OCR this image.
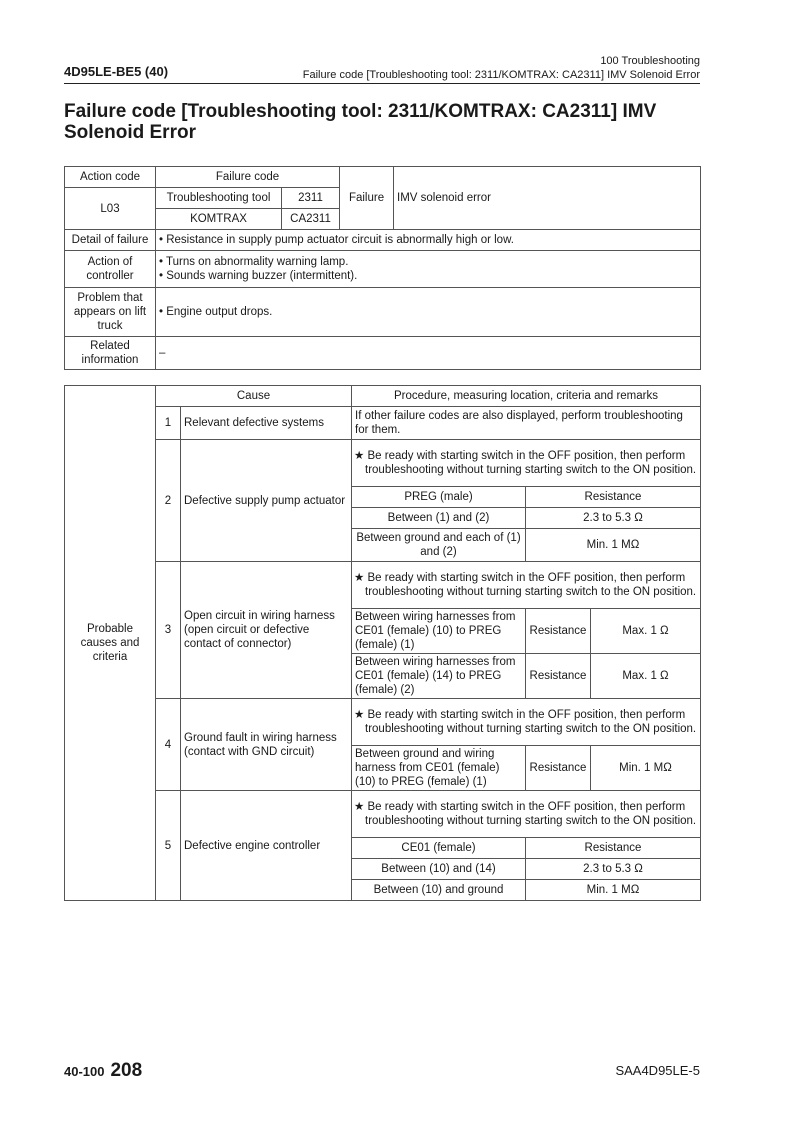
4D95LE-BE5 (40)
100 Troubleshooting
Failure code [Troubleshooting tool: 2311/KOMTRAX: CA2311] IMV Solenoid Error
Failure code [Troubleshooting tool: 2311/KOMTRAX: CA2311] IMV Solenoid Error
Action code	Failure code		Failure	IMV solenoid error
L03	Troubleshooting tool	2311		
	KOMTRAX	CA2311		
Detail of failure	• Resistance in supply pump actuator circuit is abnormally high or low.			
Action of controller	• Turns on abnormality warning lamp.
• Sounds warning buzzer (intermittent).			

Problem that appears on lift truck	• Engine output drops.			
Related information	–			
Probable causes and criteria	Cause		Procedure, measuring location, criteria and remarks		
	1	Relevant defective systems	If other failure codes are also displayed, perform troubleshooting for them.		
	2	Defective supply pump actuator	★ Be ready with starting switch in the OFF position, then perform troubleshooting without turning starting switch to the ON position.		
			PREG (male)	Resistance	
			Between (1) and (2)	2.3 to 5.3 Ω	
			Between ground and each of (1) and (2)	Min. 1 MΩ	
	3	Open circuit in wiring harness (open circuit or defective contact of connector)	★ Be ready with starting switch in the OFF position, then perform troubleshooting without turning starting switch to the ON position.		
			Between wiring harnesses from CE01 (female) (10) to PREG (female) (1)	Resistance	Max. 1 Ω
			Between wiring harnesses from CE01 (female) (14) to PREG (female) (2)	Resistance	Max. 1 Ω
	4	Ground fault in wiring harness (contact with GND circuit)	★ Be ready with starting switch in the OFF position, then perform troubleshooting without turning starting switch to the ON position.		
			Between ground and wiring harness from CE01 (female) (10) to PREG (female) (1)	Resistance	Min. 1 MΩ
	5	Defective engine controller	★ Be ready with starting switch in the OFF position, then perform troubleshooting without turning starting switch to the ON position.		
			CE01 (female)	Resistance	
			Between (10) and (14)	2.3 to 5.3 Ω	
			Between (10) and ground	Min. 1 MΩ	
40-100 208	SAA4D95LE-5
